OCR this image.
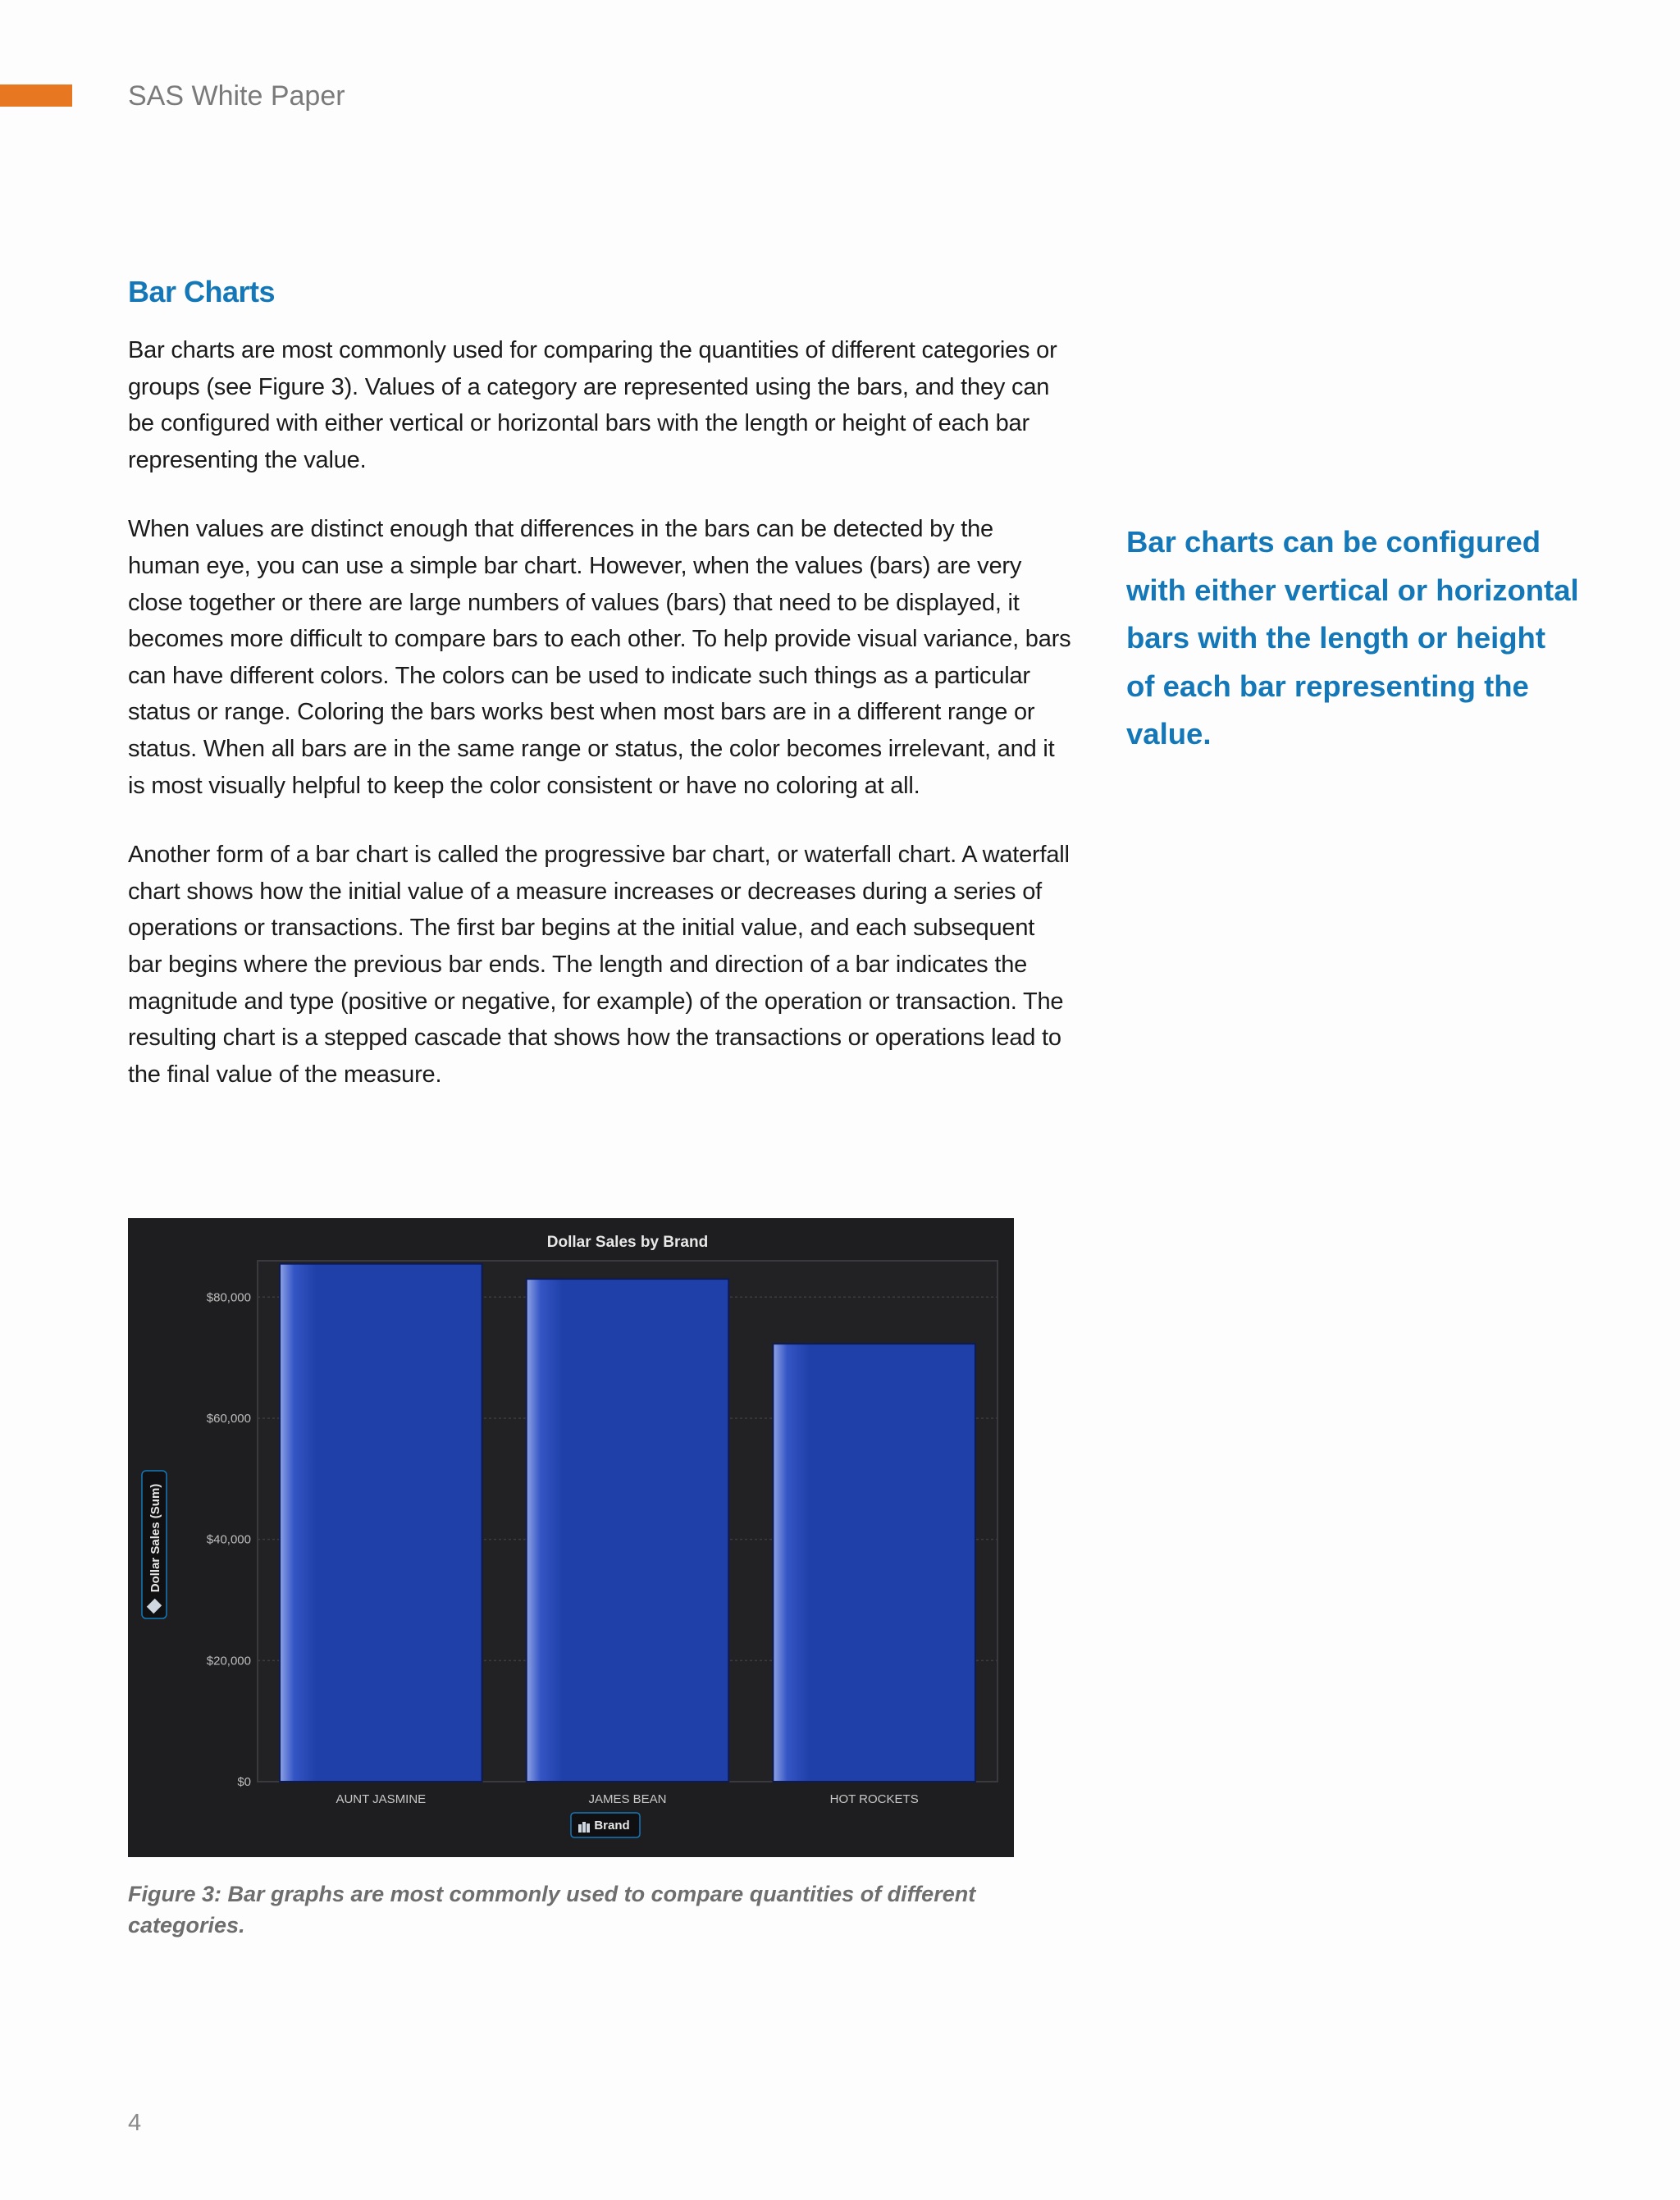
SAS White Paper
Bar Charts

Bar charts are most commonly used for comparing the quantities of different categories or groups (see Figure 3). Values of a category are represented using the bars, and they can be configured with either vertical or horizontal bars with the length or height of each bar representing the value.

When values are distinct enough that differences in the bars can be detected by the human eye, you can use a simple bar chart. However, when the values (bars) are very close together or there are large numbers of values (bars) that need to be displayed, it becomes more difficult to compare bars to each other. To help provide visual variance, bars can have different colors. The colors can be used to indicate such things as a particular status or range. Coloring the bars works best when most bars are in a different range or status. When all bars are in the same range or status, the color becomes irrelevant, and it is most visually helpful to keep the color consistent or have no coloring at all.

Another form of a bar chart is called the progressive bar chart, or waterfall chart. A waterfall chart shows how the initial value of a measure increases or decreases during a series of operations or transactions. The first bar begins at the initial value, and each subsequent bar begins where the previous bar ends. The length and direction of a bar indicates the magnitude and type (positive or negative, for example) of the operation or transaction. The resulting chart is a stepped cascade that shows how the transactions or operations lead to the final value of the measure.

Bar charts can be configured with either vertical or horizontal bars with the length or height of each bar representing the value.
Dollar Sales by Brand
$0
$20,000
$40,000
$60,000
$80,000
AUNT JASMINE	JAMES BEAN	HOT ROCKETS
Dollar Sales (Sum)
Brand
Figure 3: Bar graphs are most commonly used to compare quantities of different categories.
4
